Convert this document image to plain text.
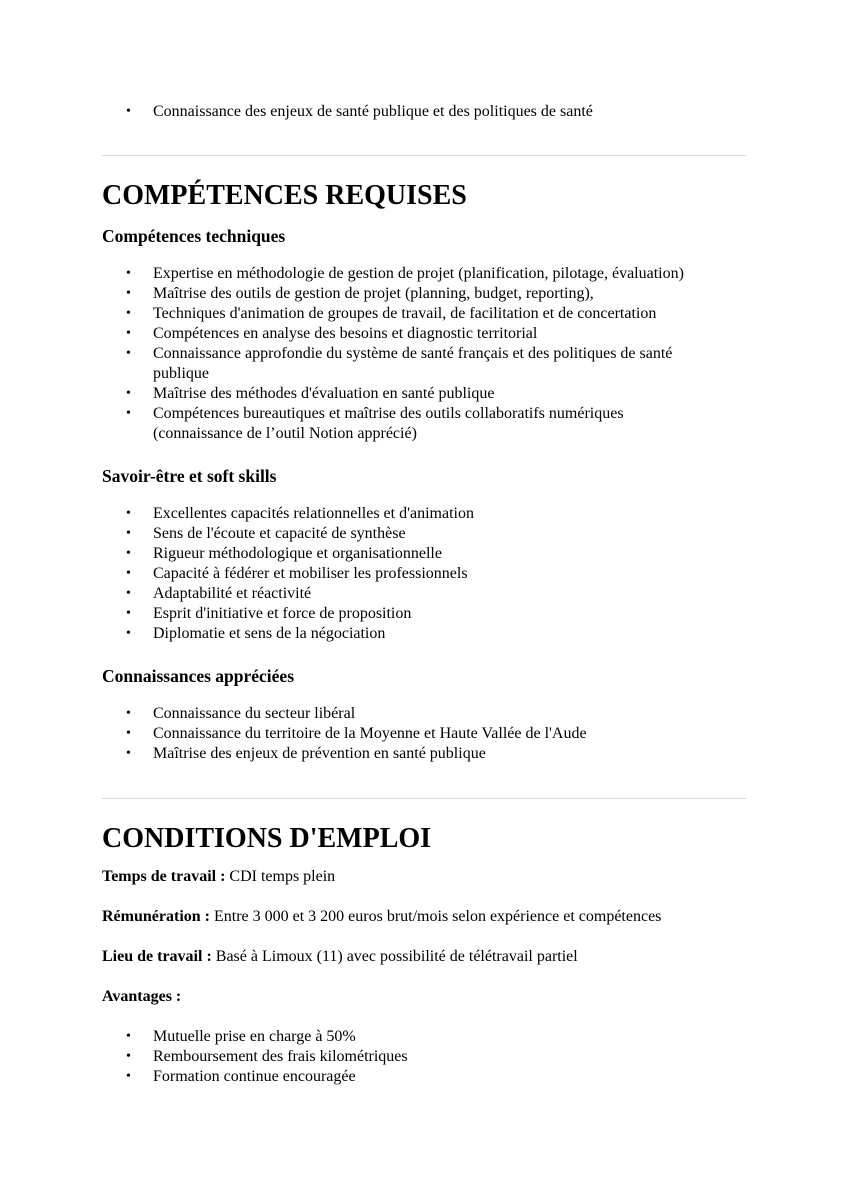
• Connaissance des enjeux de santé publique et des politiques de santé
COMPÉTENCES REQUISES
Compétences techniques
• Expertise en méthodologie de gestion de projet (planification, pilotage, évaluation)
• Maîtrise des outils de gestion de projet (planning, budget, reporting),
• Techniques d'animation de groupes de travail, de facilitation et de concertation
• Compétences en analyse des besoins et diagnostic territorial
• Connaissance approfondie du système de santé français et des politiques de santé publique
• Maîtrise des méthodes d'évaluation en santé publique
• Compétences bureautiques et maîtrise des outils collaboratifs numériques (connaissance de l’outil Notion apprécié)
Savoir-être et soft skills
• Excellentes capacités relationnelles et d'animation
• Sens de l'écoute et capacité de synthèse
• Rigueur méthodologique et organisationnelle
• Capacité à fédérer et mobiliser les professionnels
• Adaptabilité et réactivité
• Esprit d'initiative et force de proposition
• Diplomatie et sens de la négociation
Connaissances appréciées
• Connaissance du secteur libéral
• Connaissance du territoire de la Moyenne et Haute Vallée de l'Aude
• Maîtrise des enjeux de prévention en santé publique
CONDITIONS D'EMPLOI

Temps de travail : CDI temps plein

Rémunération : Entre 3 000 et 3 200 euros brut/mois selon expérience et compétences

Lieu de travail : Basé à Limoux (11) avec possibilité de télétravail partiel

Avantages :

• Mutuelle prise en charge à 50%
• Remboursement des frais kilométriques
• Formation continue encouragée
